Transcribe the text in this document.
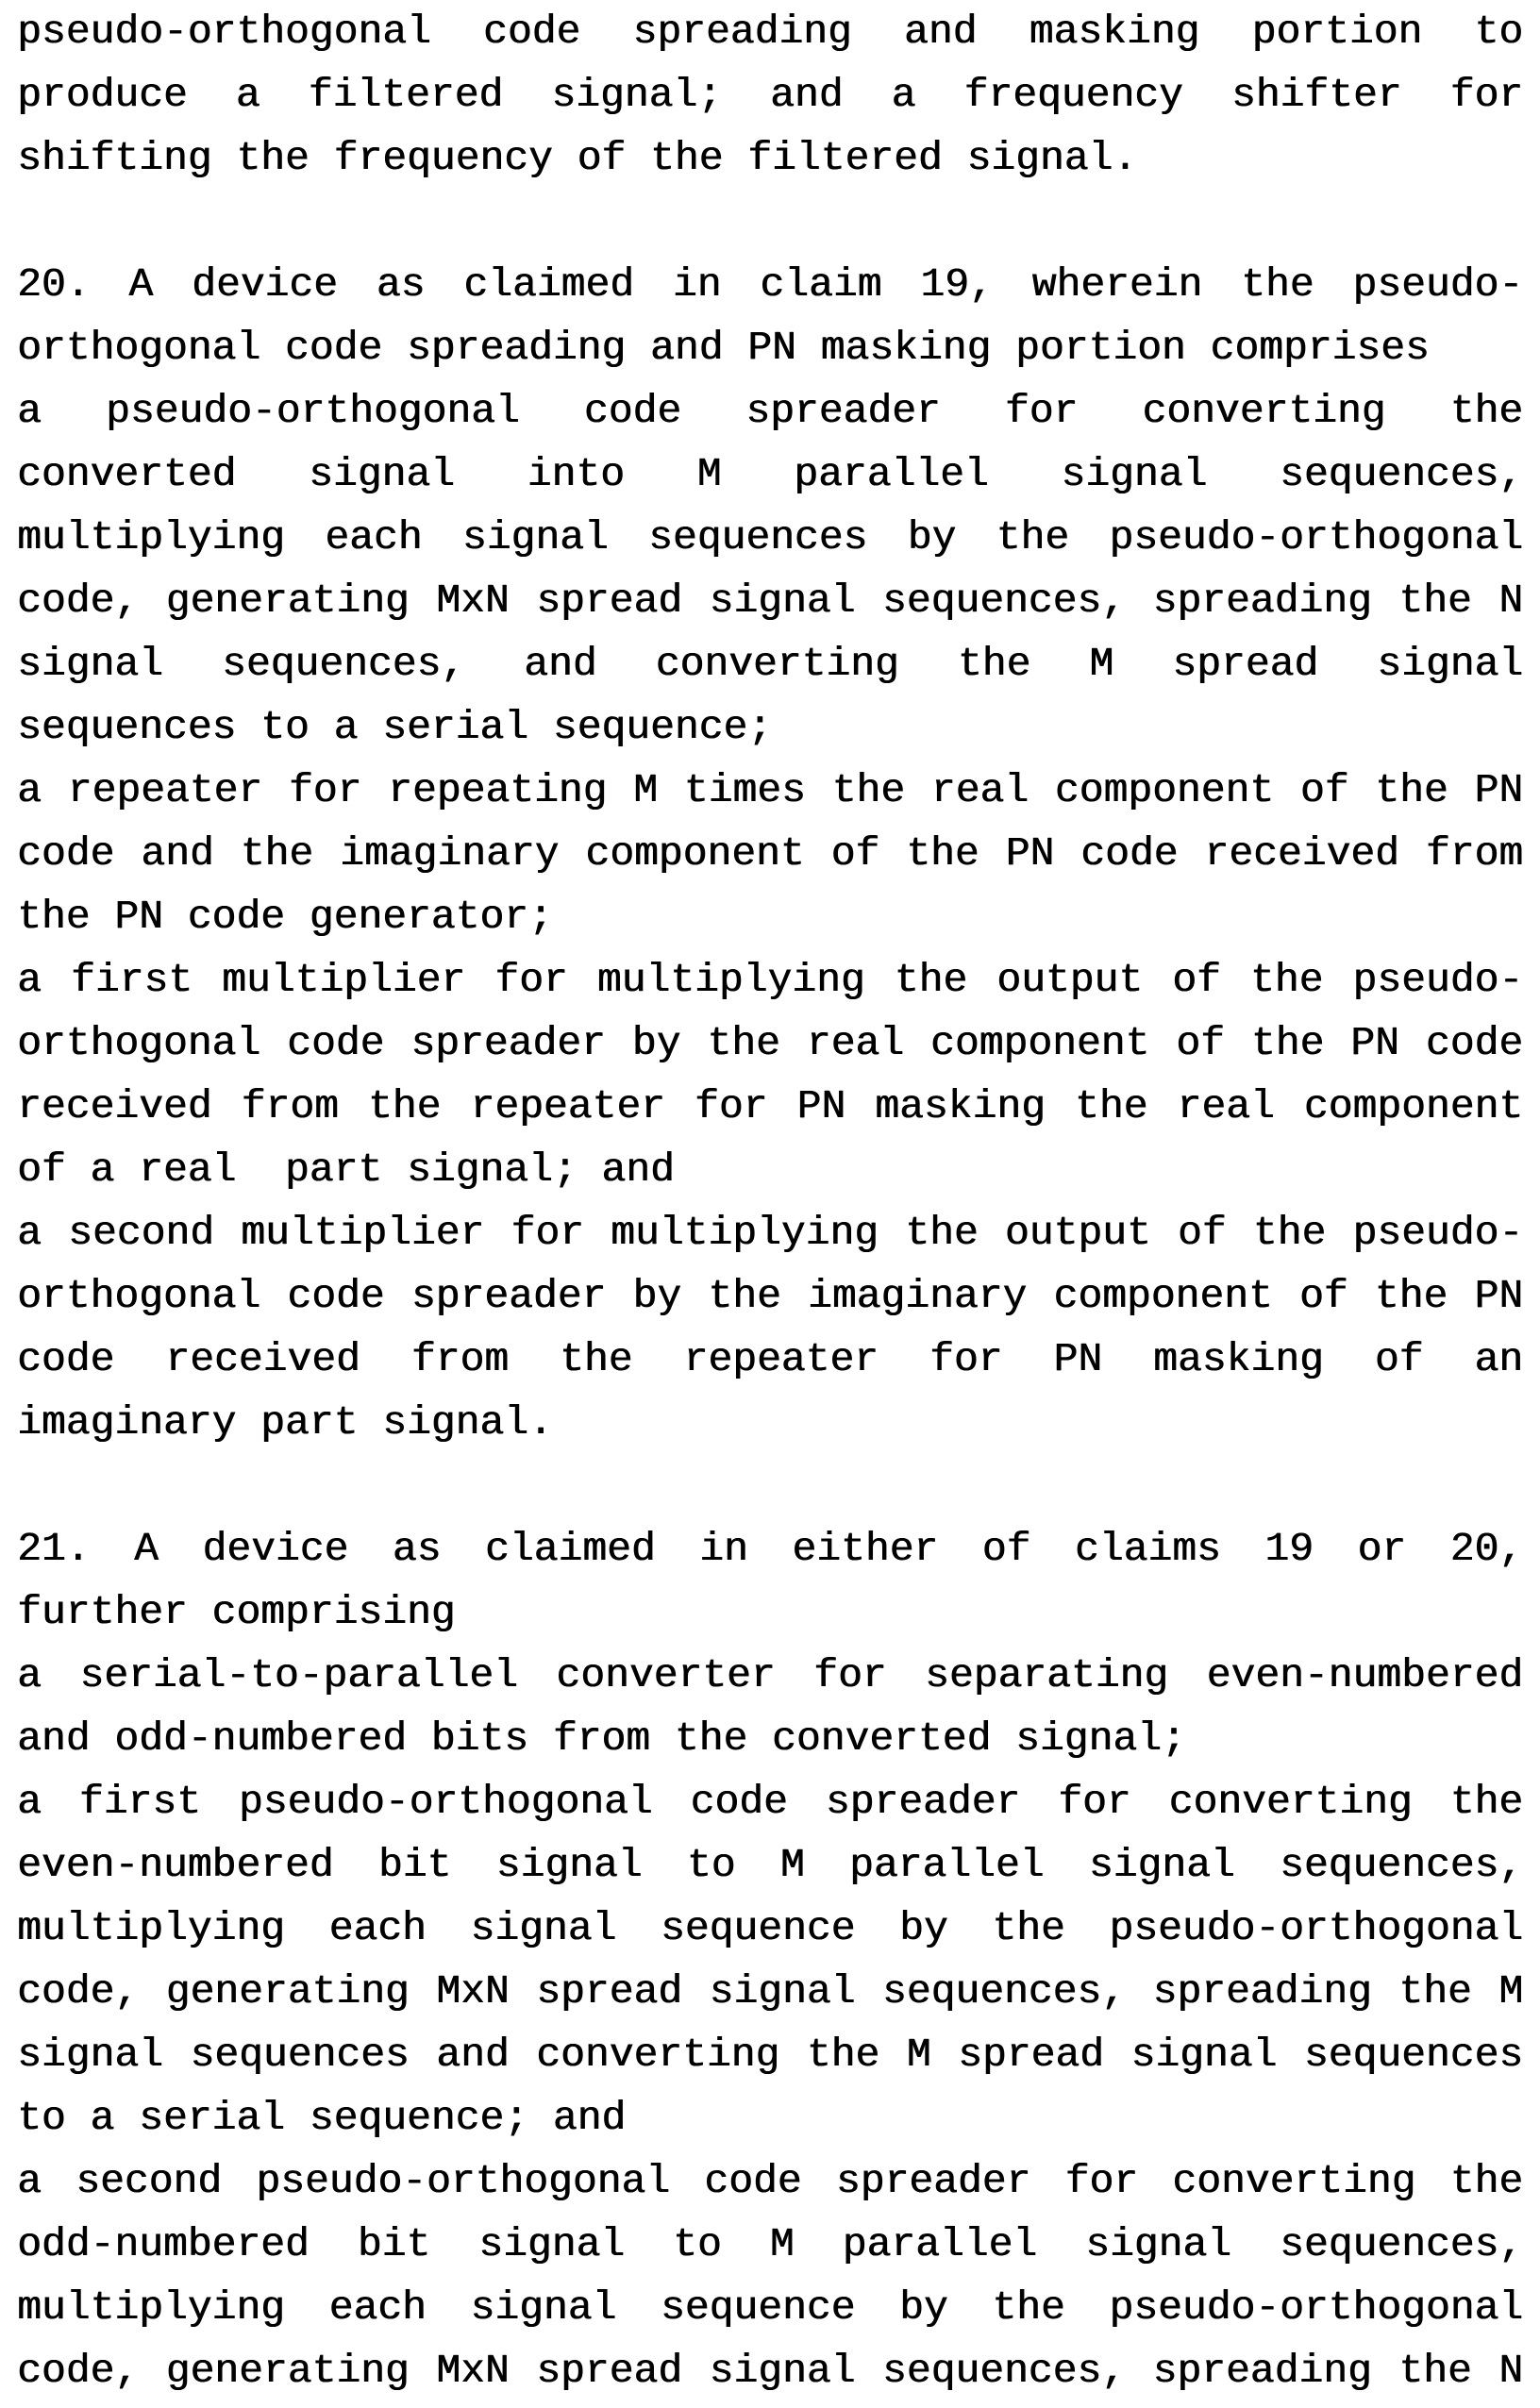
pseudo-orthogonal code spreading and masking portion to
produce a filtered signal; and a frequency shifter for
shifting the frequency of the filtered signal.
20. A device as claimed in claim 19, wherein the pseudo-
orthogonal code spreading and PN masking portion comprises
a pseudo-orthogonal code spreader for converting the
converted signal into M parallel signal sequences,
multiplying each signal sequences by the pseudo-orthogonal
code, generating MxN spread signal sequences, spreading the N
signal sequences, and converting the M spread signal
sequences to a serial sequence;
a repeater for repeating M times the real component of the PN
code and the imaginary component of the PN code received from
the PN code generator;
a first multiplier for multiplying the output of the pseudo-
orthogonal code spreader by the real component of the PN code
received from the repeater for PN masking the real component
of a real  part signal; and
a second multiplier for multiplying the output of the pseudo-
orthogonal code spreader by the imaginary component of the PN
code received from the repeater for PN masking of an
imaginary part signal.
21. A device as claimed in either of claims 19 or 20,
further comprising
a serial-to-parallel converter for separating even-numbered
and odd-numbered bits from the converted signal;
a first pseudo-orthogonal code spreader for converting the
even-numbered bit signal to M parallel signal sequences,
multiplying each signal sequence by the pseudo-orthogonal
code, generating MxN spread signal sequences, spreading the M
signal sequences and converting the M spread signal sequences
to a serial sequence; and
a second pseudo-orthogonal code spreader for converting the
odd-numbered bit signal to M parallel signal sequences,
multiplying each signal sequence by the pseudo-orthogonal
code, generating MxN spread signal sequences, spreading the N
